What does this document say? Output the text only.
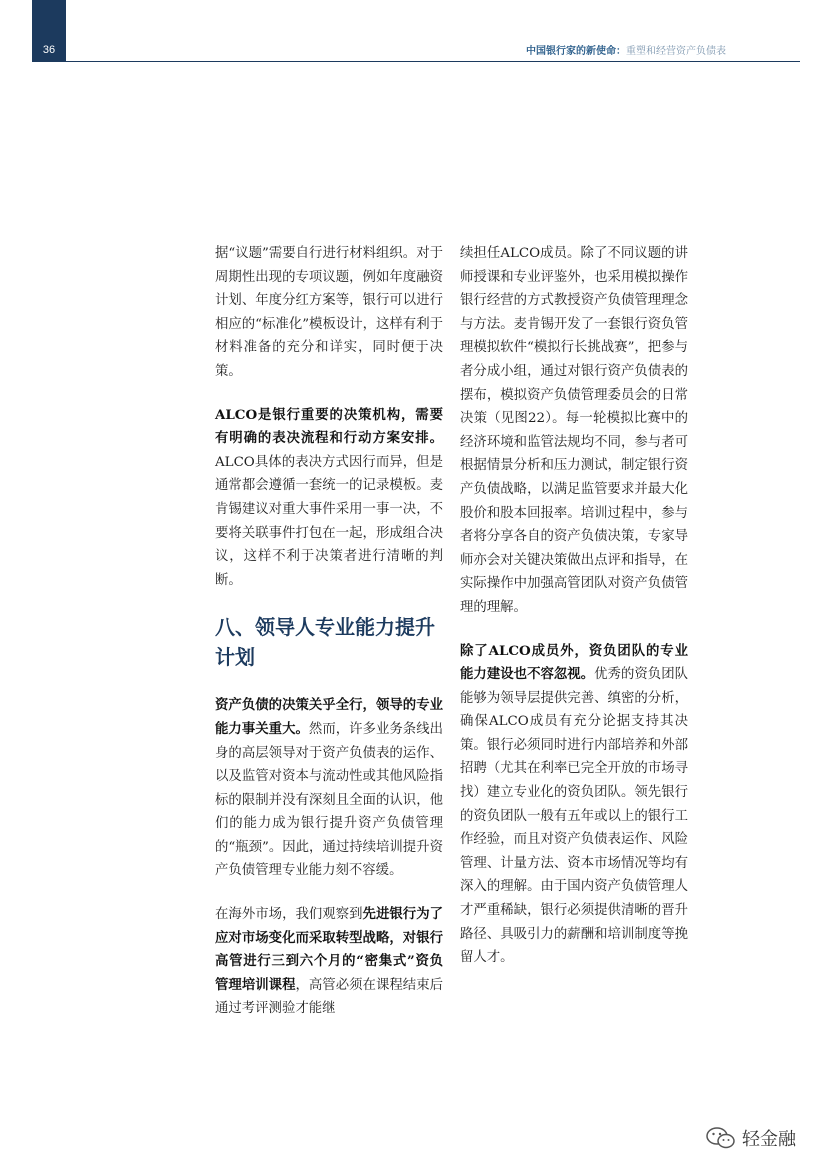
36	中国银行家的新使命：重塑和经营资产负债表

据“议题”需要自行进行材料组织。对于周期性出现的专项议题，例如年度融资计划、年度分红方案等，银行可以进行相应的“标准化”模板设计，这样有利于材料准备的充分和详实，同时便于决策。

ALCO是银行重要的决策机构，需要有明确的表决流程和行动方案安排。ALCO具体的表决方式因行而异，但是通常都会遵循一套统一的记录模板。麦肯锡建议对重大事件采用一事一决，不要将关联事件打包在一起，形成组合决议，这样不利于决策者进行清晰的判断。

八、领导人专业能力提升计划

资产负债的决策关乎全行，领导的专业能力事关重大。然而，许多业务条线出身的高层领导对于资产负债表的运作、以及监管对资本与流动性或其他风险指标的限制并没有深刻且全面的认识，他们的能力成为银行提升资产负债管理的“瓶颈”。因此，通过持续培训提升资产负债管理专业能力刻不容缓。

在海外市场，我们观察到先进银行为了应对市场变化而采取转型战略，对银行高管进行三到六个月的“密集式”资负管理培训课程，高管必须在课程结束后通过考评测验才能继

续担任ALCO成员。除了不同议题的讲师授课和专业评鉴外，也采用模拟操作银行经营的方式教授资产负债管理理念与方法。麦肯锡开发了一套银行资负管理模拟软件“模拟行长挑战赛”，把参与者分成小组，通过对银行资产负债表的摆布，模拟资产负债管理委员会的日常决策（见图22）。每一轮模拟比赛中的经济环境和监管法规均不同，参与者可根据情景分析和压力测试，制定银行资产负债战略，以满足监管要求并最大化股价和股本回报率。培训过程中，参与者将分享各自的资产负债决策，专家导师亦会对关键决策做出点评和指导，在实际操作中加强高管团队对资产负债管理的理解。

除了ALCO成员外，资负团队的专业能力建设也不容忽视。优秀的资负团队能够为领导层提供完善、缜密的分析，确保ALCO成员有充分论据支持其决策。银行必须同时进行内部培养和外部招聘（尤其在利率已完全开放的市场寻找）建立专业化的资负团队。领先银行的资负团队一般有五年或以上的银行工作经验，而且对资产负债表运作、风险管理、计量方法、资本市场情况等均有深入的理解。由于国内资产负债管理人才严重稀缺，银行必须提供清晰的晋升路径、具吸引力的薪酬和培训制度等挽留人才。

轻金融
